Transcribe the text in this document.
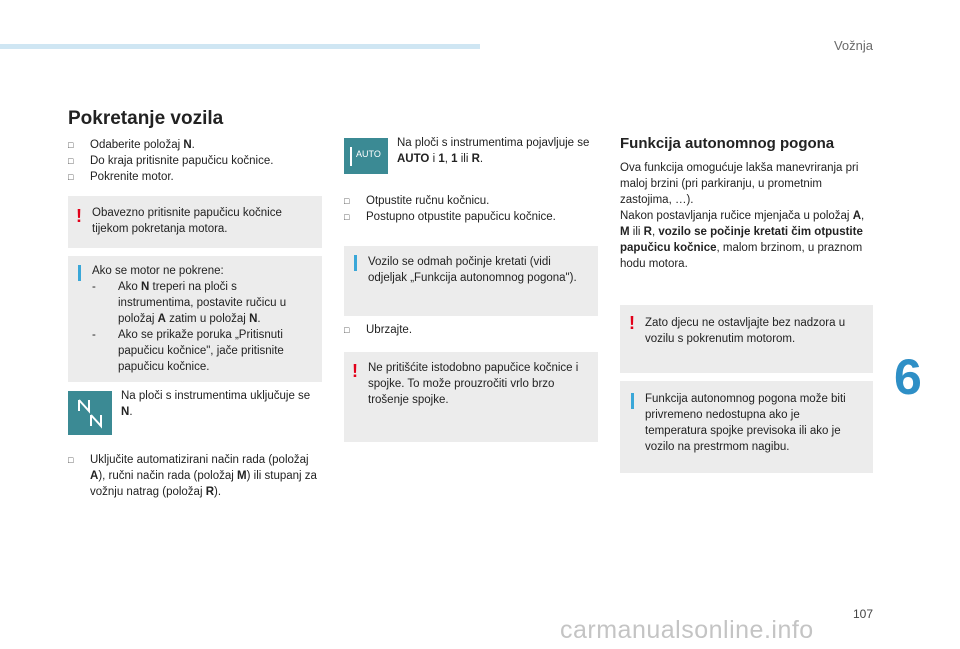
Vožnja
Pokretanje vozila
□ Odaberite položaj N.
□ Do kraja pritisnite papučicu kočnice.
□ Pokrenite motor.
! Obavezno pritisnite papučicu kočnice tijekom pokretanja motora.
Ako se motor ne pokrene:
- Ako N treperi na ploči s instrumentima, postavite ručicu u položaj A zatim u položaj N.
- Ako se prikaže poruka „Pritisnuti papučicu kočnice", jače pritisnite papučicu kočnice.
Na ploči s instrumentima uključuje se N.
□ Uključite automatizirani način rada (položaj A), ručni način rada (položaj M) ili stupanj za vožnju natrag (položaj R).
AUTO
Na ploči s instrumentima pojavljuje se AUTO i 1, 1 ili R.
□ Otpustite ručnu kočnicu.
□ Postupno otpustite papučicu kočnice.
Vozilo se odmah počinje kretati (vidi odjeljak „Funkcija autonomnog pogona").
□ Ubrzajte.
! Ne pritišćite istodobno papučice kočnice i spojke. To može prouzročiti vrlo brzo trošenje spojke.
Funkcija autonomnog pogona
Ova funkcija omogućuje lakša manevriranja pri maloj brzini (pri parkiranju, u prometnim zastojima, …).
Nakon postavljanja ručice mjenjača u položaj A, M ili R, vozilo se počinje kretati čim otpustite papučicu kočnice, malom brzinom, u praznom hodu motora.
! Zato djecu ne ostavljajte bez nadzora u vozilu s pokrenutim motorom.
Funkcija autonomnog pogona može biti privremeno nedostupna ako je temperatura spojke previsoka ili ako je vozilo na prestrmom nagibu.
6
107
carmanualsonline.info
